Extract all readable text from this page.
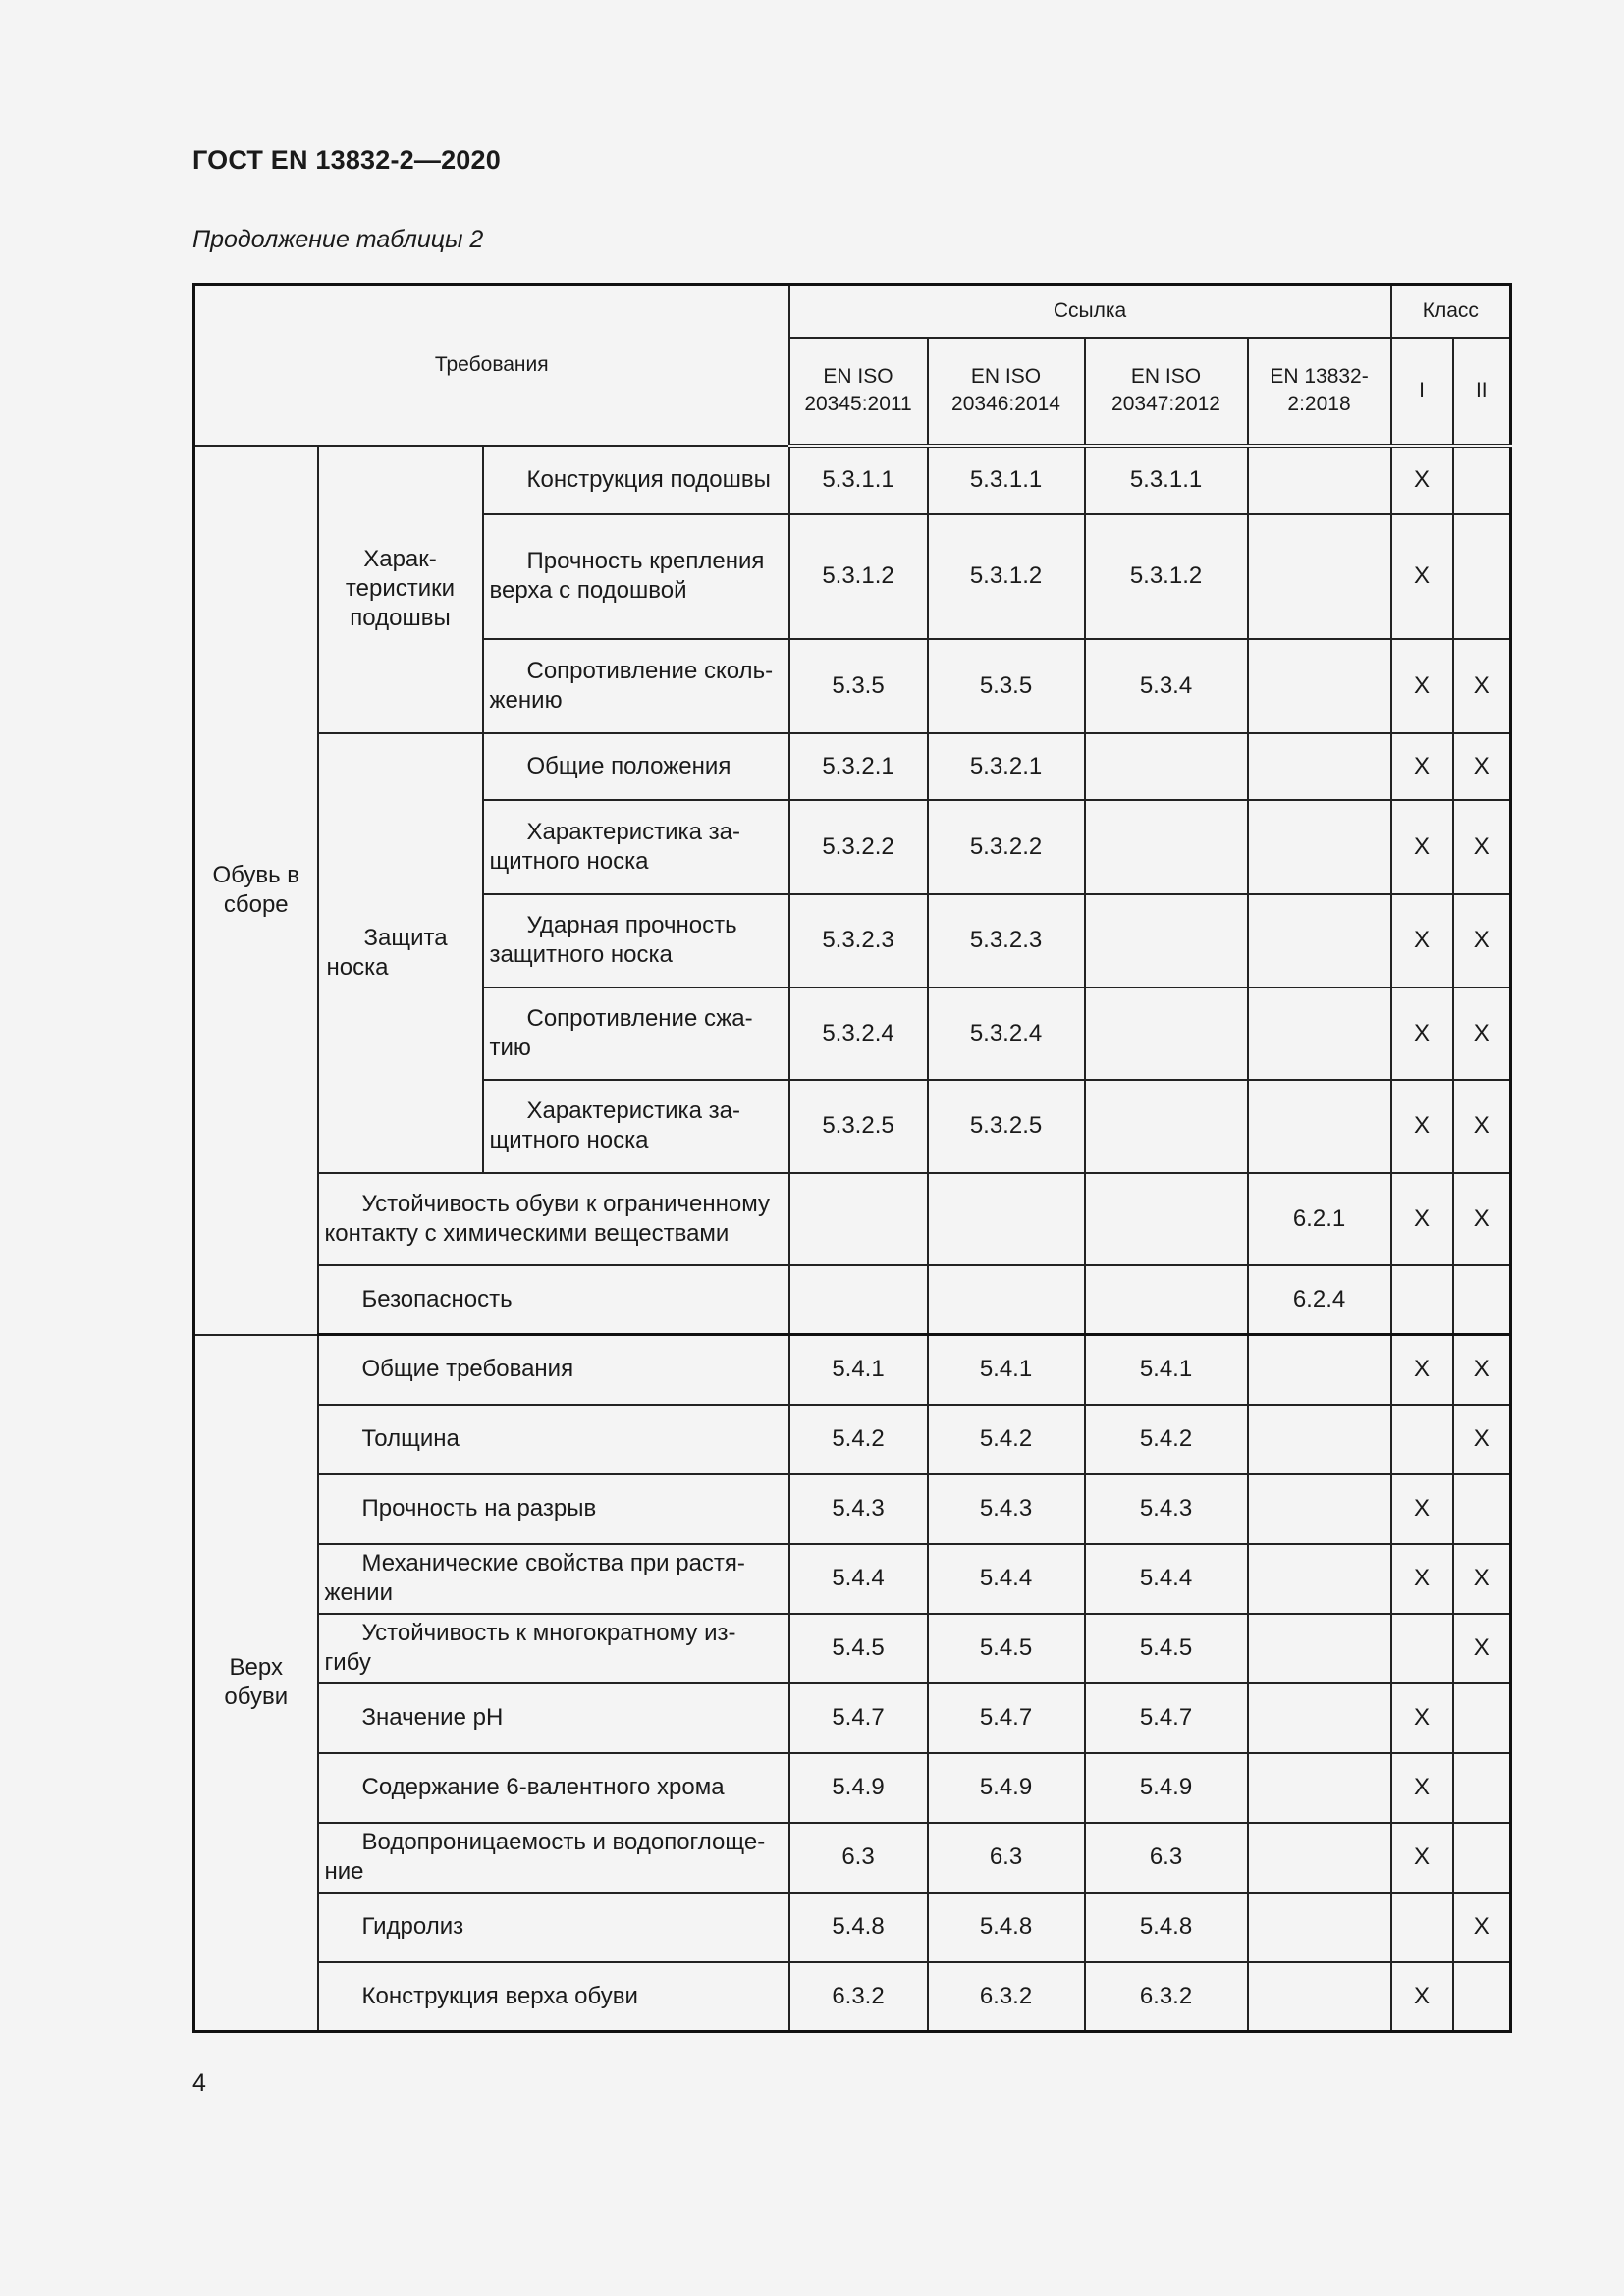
ГОСТ EN 13832-2—2020
Продолжение таблицы 2
Требования			Ссылка				Класс	
			EN ISO 20345:2011	EN ISO 20346:2014	EN ISO 20347:2012	EN 13832-2:2018	I	II
Обувь в сборе	Харак-теристики подошвы	Конструкция подошвы	5.3.1.1	5.3.1.1	5.3.1.1		X	
		Прочность крепления верха с подошвой	5.3.1.2	5.3.1.2	5.3.1.2		X	
		Сопротивление сколь-жению	5.3.5	5.3.5	5.3.4		X	X

	Защита носка	Общие положения	5.3.2.1	5.3.2.1			X	X
		Характеристика за-щитного носка	5.3.2.2	5.3.2.2			X	X
		Ударная прочность защитного носка	5.3.2.3	5.3.2.3			X	X
		Сопротивление сжа-тию	5.3.2.4	5.3.2.4			X	X
		Характеристика за-щитного носка	5.3.2.5	5.3.2.5			X	X
	Устойчивость обуви к ограниченному контакту с химическими веществами					6.2.1	X	X
	Безопасность					6.2.4		
Верх обуви	Общие требования		5.4.1	5.4.1	5.4.1		X	X
	Толщина		5.4.2	5.4.2	5.4.2			X
	Прочность на разрыв		5.4.3	5.4.3	5.4.3		X	
	Механические свойства при растя-жении		5.4.4	5.4.4	5.4.4		X	X
	Устойчивость к многократному из-гибу		5.4.5	5.4.5	5.4.5			X
	Значение рН		5.4.7	5.4.7	5.4.7		X	
	Содержание 6-валентного хрома		5.4.9	5.4.9	5.4.9		X	
	Водопроницаемость и водопоглоще-ние		6.3	6.3	6.3		X	
	Гидролиз		5.4.8	5.4.8	5.4.8			X
	Конструкция верха обуви		6.3.2	6.3.2	6.3.2		X	
4
